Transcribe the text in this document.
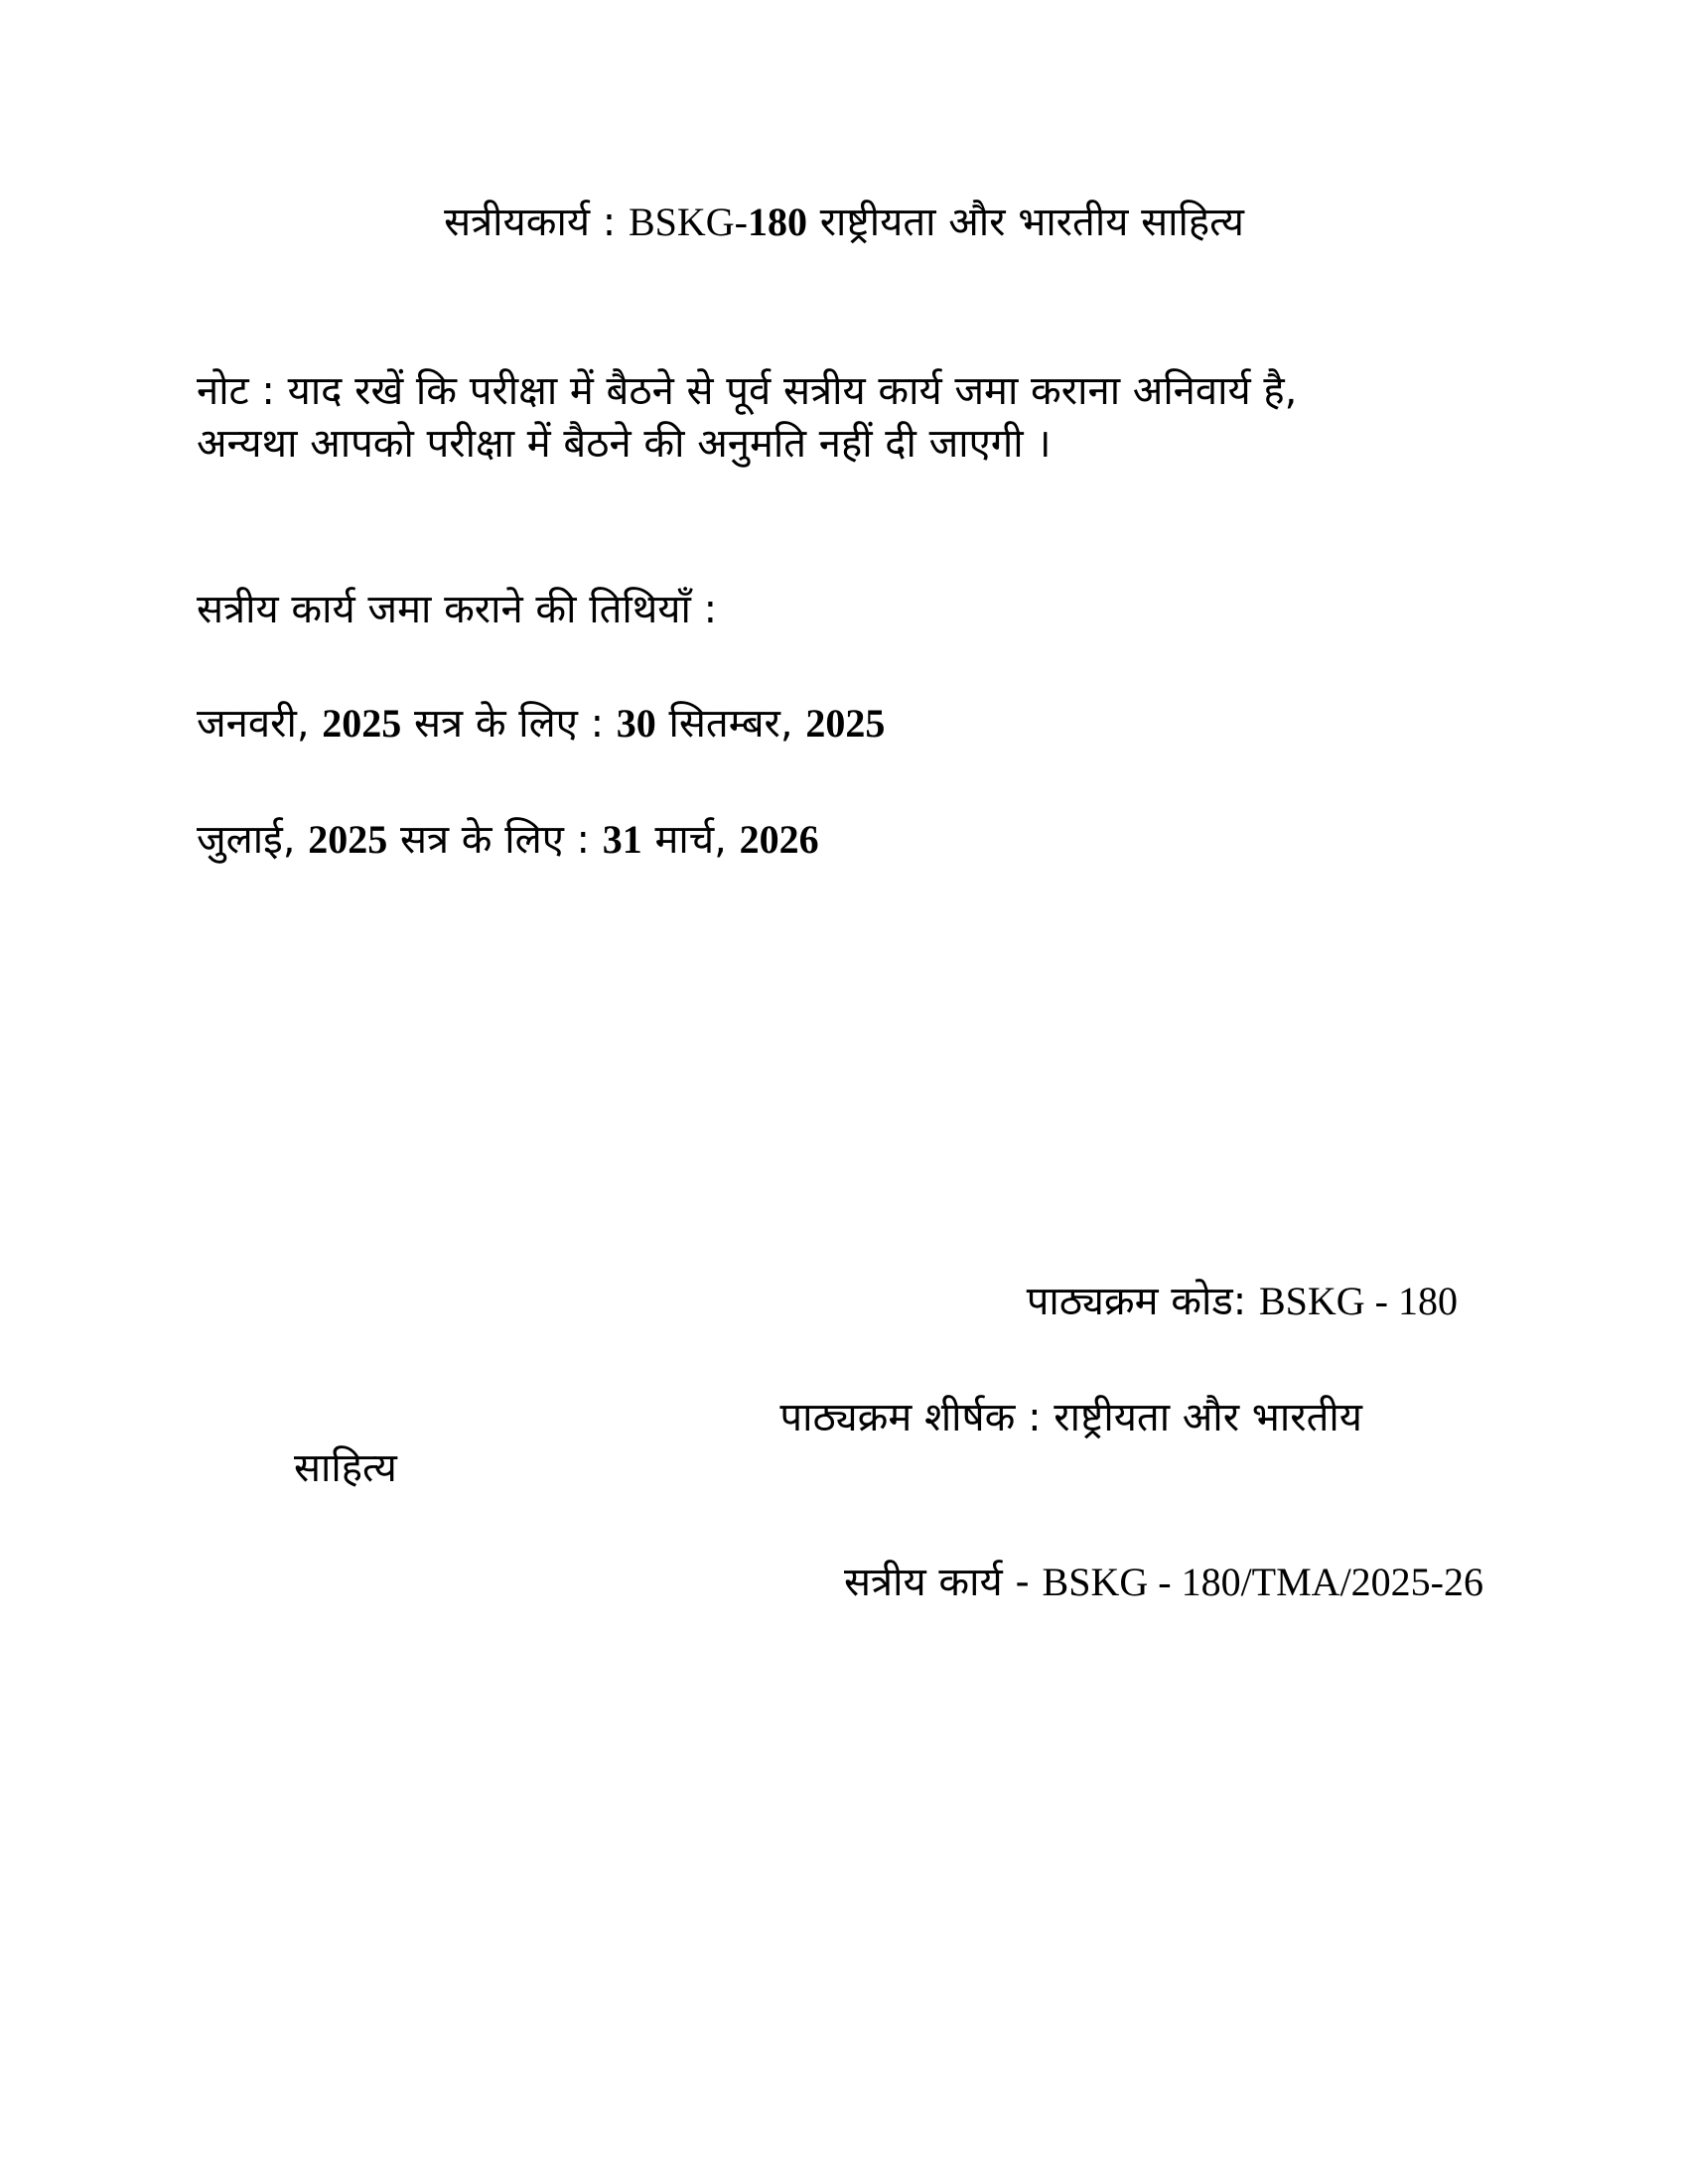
सत्रीयकार्य : BSKG-180 राष्ट्रीयता और भारतीय साहित्य
नोट : याद रखें कि परीक्षा में बैठने से पूर्व सत्रीय कार्य जमा कराना अनिवार्य है,
अन्यथा आपको परीक्षा में बैठने की अनुमति नहीं दी जाएगी ।
सत्रीय कार्य जमा कराने की तिथियाँ :
जनवरी, 2025 सत्र के लिए : 30 सितम्बर, 2025
जुलाई, 2025 सत्र के लिए : 31 मार्च, 2026
पाठ्यक्रम कोड: BSKG - 180
पाठ्यक्रम शीर्षक : राष्ट्रीयता और भारतीय
साहित्य
सत्रीय कार्य - BSKG - 180/TMA/2025-26
